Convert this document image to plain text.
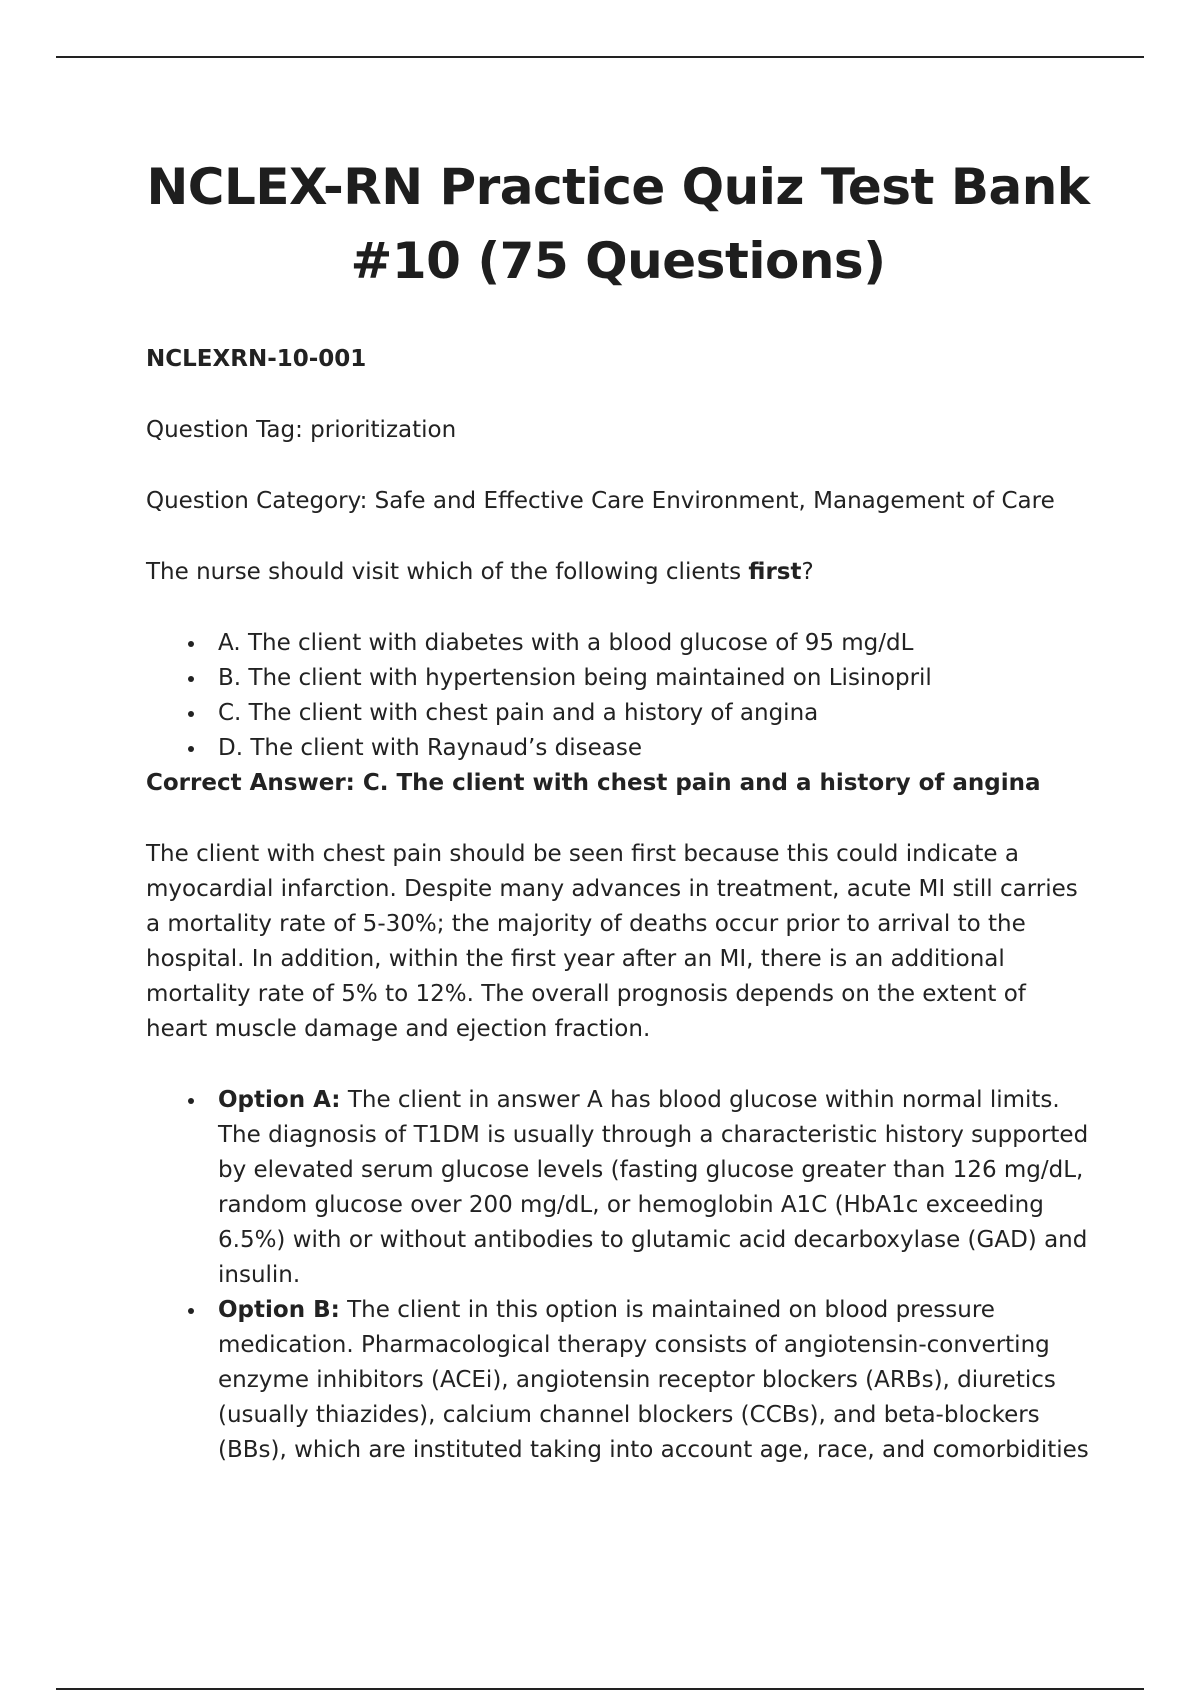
NCLEX-RN Practice Quiz Test Bank #10 (75 Questions)

NCLEXRN-10-001

Question Tag: prioritization

Question Category: Safe and Effective Care Environment, Management of Care

The nurse should visit which of the following clients first?

A. The client with diabetes with a blood glucose of 95 mg/dL
B. The client with hypertension being maintained on Lisinopril
C. The client with chest pain and a history of angina
D. The client with Raynaud’s disease

Correct Answer: C. The client with chest pain and a history of angina

The client with chest pain should be seen first because this could indicate a myocardial infarction. Despite many advances in treatment, acute MI still carries a mortality rate of 5-30%; the majority of deaths occur prior to arrival to the hospital. In addition, within the first year after an MI, there is an additional mortality rate of 5% to 12%. The overall prognosis depends on the extent of heart muscle damage and ejection fraction.

Option A: The client in answer A has blood glucose within normal limits. The diagnosis of T1DM is usually through a characteristic history supported by elevated serum glucose levels (fasting glucose greater than 126 mg/dL, random glucose over 200 mg/dL, or hemoglobin A1C (HbA1c exceeding 6.5%) with or without antibodies to glutamic acid decarboxylase (GAD) and insulin.
Option B: The client in this option is maintained on blood pressure medication. Pharmacological therapy consists of angiotensin-converting enzyme inhibitors (ACEi), angiotensin receptor blockers (ARBs), diuretics (usually thiazides), calcium channel blockers (CCBs), and beta-blockers (BBs), which are instituted taking into account age, race, and comorbidities
